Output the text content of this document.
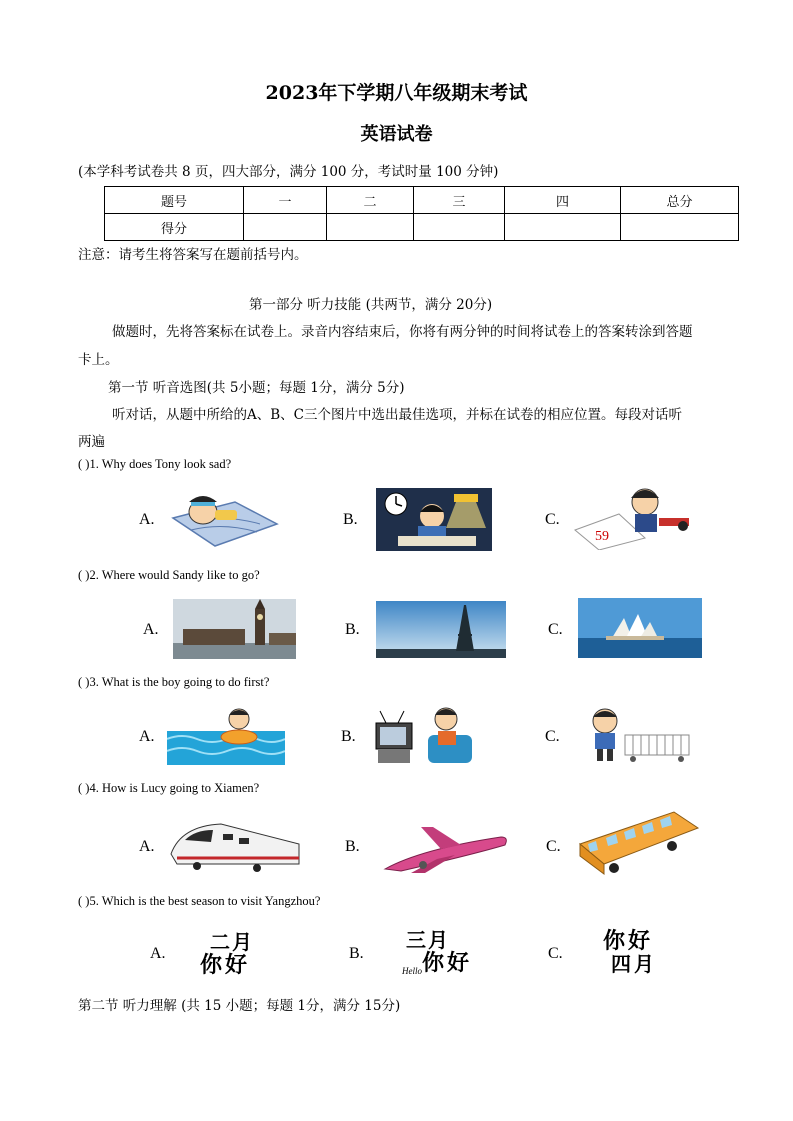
2023年下学期八年级期末考试
英语试卷
(本学科考试卷共 8 页，四大部分，满分 100 分，考试时量 100 分钟)
题号	一	二	三	四	总分
得分					
注意：请考生将答案写在题前括号内。
第一部分 听力技能 (共两节，满分 20分)
做题时，先将答案标在试卷上。录音内容结束后，你将有两分钟的时间将试卷上的答案转涂到答题
卡上。
第一节 听音选图(共 5小题；每题 1分，满分 5分)
听对话，从题中所给的A、B、C三个图片中选出最佳选项，并标在试卷的相应位置。每段对话听
两遍
( )1. Why does Tony look sad?
A.	B.	C.
59
( )2. Where would Sandy like to go?
A.	B.	C.
( )3. What is the boy going to do first?
A.	B.	C.
( )4. How is Lucy going to Xiamen?
A.	B.	C.
( )5. Which is the best season to visit Yangzhou?
A. 二月
你好	B.
三月
你好
Hello
C. 你好
四月
第二节 听力理解 (共 15 小题；每题 1分，满分 15分)
